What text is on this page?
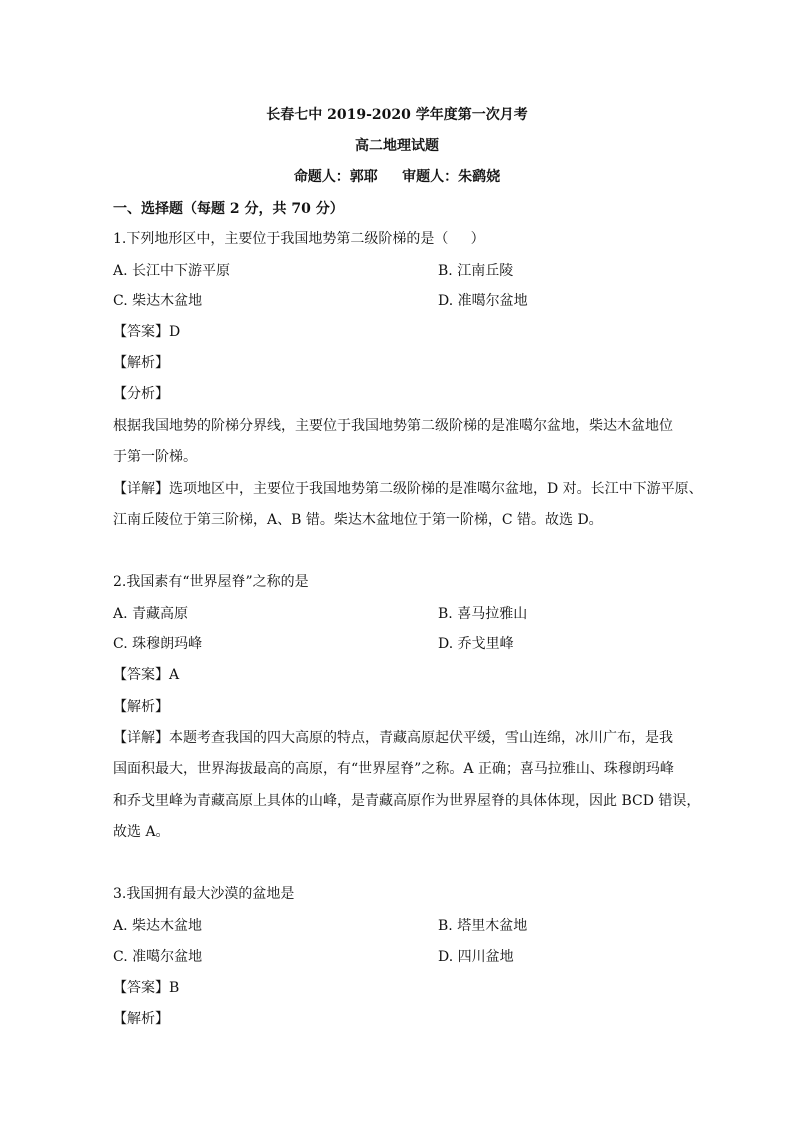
长春七中 2019-2020 学年度第一次月考
高二地理试题
命题人：郭耶     审题人：朱鹞娆
一、选择题（每题 2 分，共 70 分）
1.下列地形区中，主要位于我国地势第二级阶梯的是（     ）
A. 长江中下游平原	B. 江南丘陵
C. 柴达木盆地	D. 准噶尔盆地
【答案】D
【解析】
【分析】
根据我国地势的阶梯分界线，主要位于我国地势第二级阶梯的是准噶尔盆地，柴达木盆地位
于第一阶梯。
【详解】选项地区中，主要位于我国地势第二级阶梯的是准噶尔盆地，D 对。长江中下游平原、
江南丘陵位于第三阶梯，A、B 错。柴达木盆地位于第一阶梯，C 错。故选 D。
2.我国素有“世界屋脊”之称的是
A. 青藏高原	B. 喜马拉雅山
C. 珠穆朗玛峰	D. 乔戈里峰
【答案】A
【解析】
【详解】本题考查我国的四大高原的特点，青藏高原起伏平缓，雪山连绵，冰川广布，是我
国面积最大，世界海拔最高的高原，有“世界屋脊”之称。A 正确；喜马拉雅山、珠穆朗玛峰
和乔戈里峰为青藏高原上具体的山峰，是青藏高原作为世界屋脊的具体体现，因此 BCD 错误，
故选 A。
3.我国拥有最大沙漠的盆地是
A. 柴达木盆地	B. 塔里木盆地
C. 准噶尔盆地	D. 四川盆地
【答案】B
【解析】
